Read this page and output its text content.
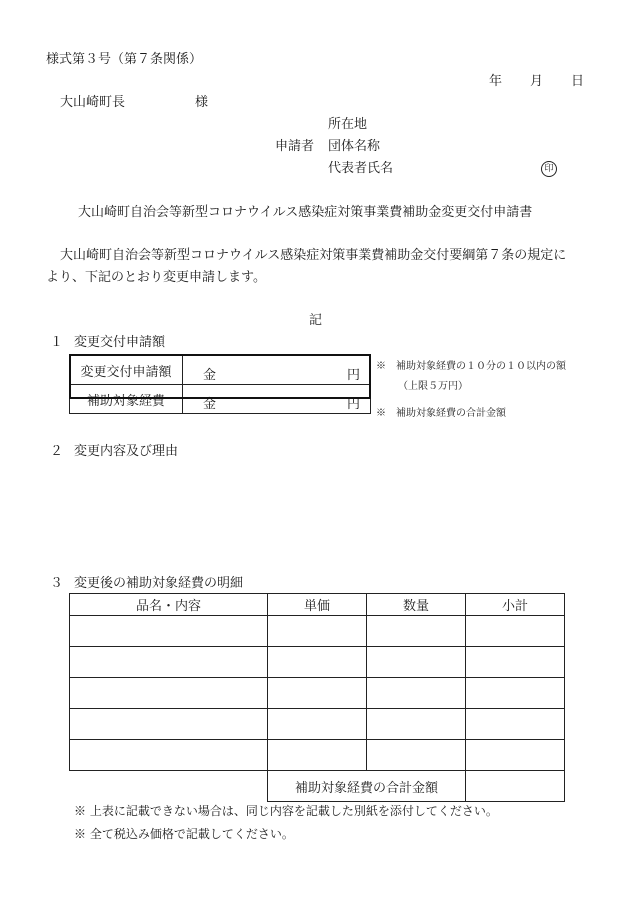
様式第３号（第７条関係）
年 月 日
大山崎町長	様
所在地
申請者 団体名称
代表者氏名	印
大山崎町自治会等新型コロナウイルス感染症対策事業費補助金変更交付申請書
大山崎町自治会等新型コロナウイルス感染症対策事業費補助金交付要綱第７条の規定に
より、下記のとおり変更申請します。
記
１ 変更交付申請額
変更交付申請額	金 円

補助対象経費	金 円
※　補助対象経費の１０分の１０以内の額
（上限５万円）
※　補助対象経費の合計金額
２ 変更内容及び理由
３ 変更後の補助対象経費の明細
品名・内容	単価	数量	小計

	補助対象経費の合計金額		
※ 上表に記載できない場合は、同じ内容を記載した別紙を添付してください。
※ 全て税込み価格で記載してください。
